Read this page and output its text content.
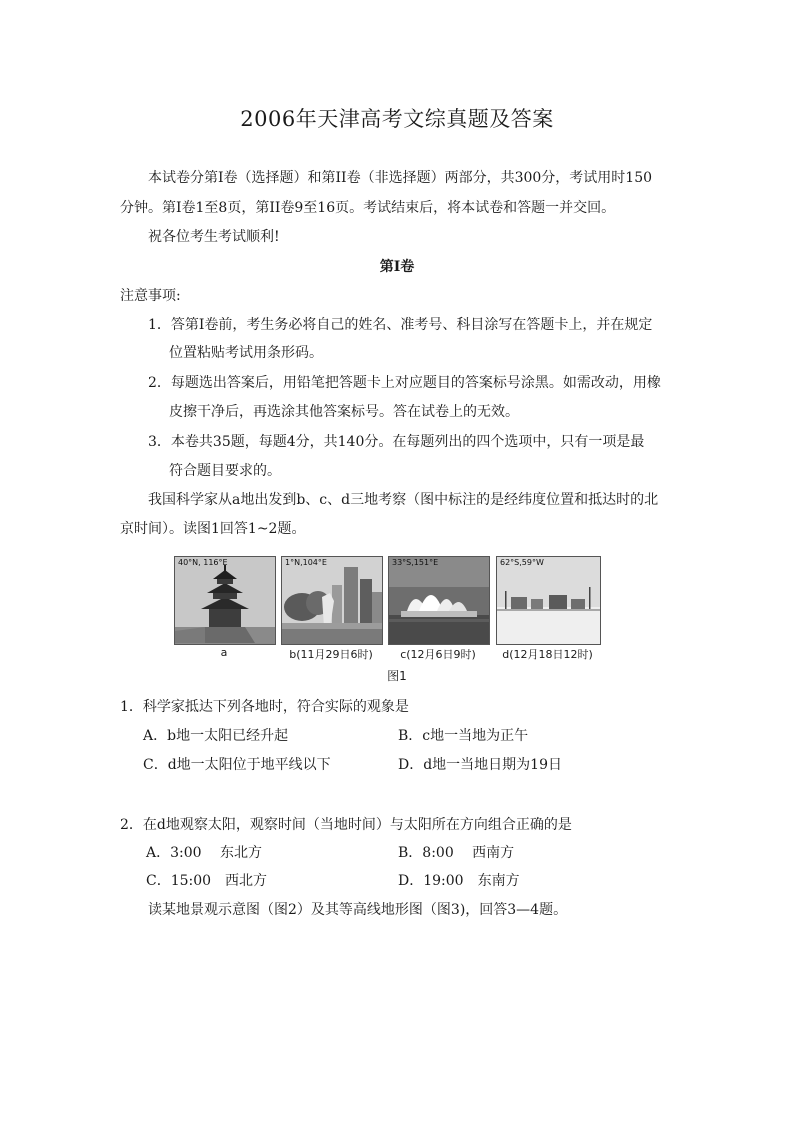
2006年天津高考文综真题及答案
本试卷分第Ⅰ卷（选择题）和第II卷（非选择题）两部分，共300分，考试用时150
分钟。第Ⅰ卷1至8页，第II卷9至16页。考试结束后，将本试卷和答题一并交回。
祝各位考生考试顺利!
第Ⅰ卷
注意事项:
1．答第Ⅰ卷前，考生务必将自己的姓名、准考号、科目涂写在答题卡上，并在规定
位置粘贴考试用条形码。
2．每题选出答案后，用铅笔把答题卡上对应题目的答案标号涂黑。如需改动，用橡
皮擦干净后，再选涂其他答案标号。答在试卷上的无效。
3．本卷共35题，每题4分，共140分。在每题列出的四个选项中，只有一项是最
符合题目要求的。
我国科学家从a地出发到b、c、d三地考察（图中标注的是经纬度位置和抵达时的北
京时间）。读图1回答1~2题。
40°N, 116°E	1°N,104°E	33°S,151°E	62°S,59°W
a	b(11月29日6时)	c(12月6日9时)	d(12月18日12时)
图1
1．科学家抵达下列各地时，符合实际的观象是
A．b地一太阳已经升起	B．c地一当地为正午
C．d地一太阳位于地平线以下	D．d地一当地日期为19日
2．在d地观察太阳，观察时间（当地时间）与太阳所在方向组合正确的是
A．3:00　 东北方	B．8:00　 西南方
C．15:00　西北方	D．19:00　东南方
读某地景观示意图（图2）及其等高线地形图（图3)，回答3—4题。
